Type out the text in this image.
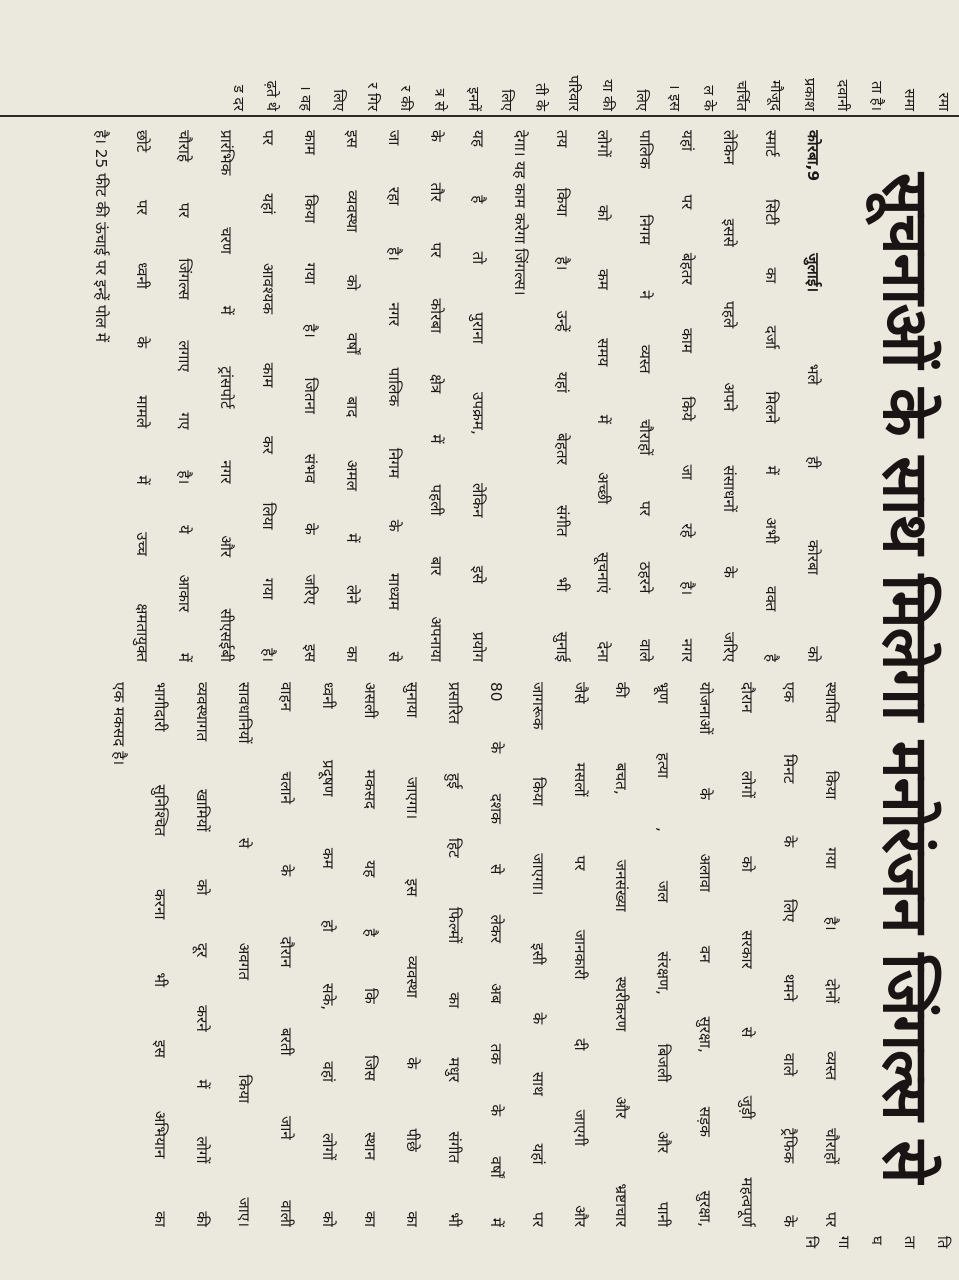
रमा
समा
ता है।
दवानी
प्रकाश
मौजूद
चर्चित
ल के
। इस
लिए
या की
परिवार
ती के
लिए
इनमें
त्र से
र की
र गिर
लिए
। वह
ढ़ते थे
ड दर
सूचनाओं के साथ मिलेगा मनोरंजन जिंगल्स से
कोरबा,9 जुलाई। भले ही कोरबा को
स्मार्ट सिटी का दर्जा मिलने में अभी वक्त है
लेकिन इससे पहले अपने संसाधनों के जरिए
यहां पर बेहतर काम किये जा रहे है। नगर
पालिक निगम ने व्यस्त चौराहों पर ठहरने वाले
लोगों को कम समय में अच्छी सूचनाएं देना
तय किया है। उन्हें यहां बेहतर संगीत भी सुनाई
देगा। यह काम करेगा जिंगल्स।
यह है तो पुराना उपक्रम, लेकिन इसे प्रयोग
के तौर पर कोरबा क्षेत्र में पहली बार अपनाया
जा रहा है। नगर पालिक निगम के माध्यम से
इस व्यवस्था को वर्षों बाद अमल में लेने का
काम किया गया है। जितना संभव के जरिए इस
पर यहां आवश्यक काम कर लिया गया है।
प्रारंभिक चरण में ट्रांसपोर्ट नगर और सीएसईबी
चौराहे पर जिंगल्स लगाए गए है। ये आकार में
छोटे पर ध्वनी के मामले में उच्च क्षमतायुक्त
है। 25 फीट की ऊंचाई पर इन्हें पोल में
स्थापित किया गया है। दोनों व्यस्त चौराहों पर
एक मिनट के लिए थमने वाले ट्रैफिक के
दौरान लोगों को सरकार से जुड़ी महत्वपूर्ण
योजनाओं के अलावा वन सुरक्षा, सड़क सुरक्षा,
भ्रूण हत्या , जल संरक्षण, बिजली और पानी
की बचत, जनसंख्या स्थरीकरण और भ्रष्टाचार
जैसे मसलों पर जानकारी दी जाएगी और
जागरूक किया जाएगा। इसी के साथ यहां पर
80 के दशक से लेकर अब तक के वर्षों में
प्रसारित हुई हिट फिल्मों का मधुर संगीत भी
सुनाया जाएगा। इस व्यवस्था के पीछे का
असली मकसद यह है कि जिस स्थान का
ध्वनी प्रदूषण कम हो सके, वहां लोगों को
वाहन चलाने के दौरान बरती जाने वाली
सावधानियों से अवगत किया जाए।
व्यवस्थागत खामियों को दूर करने में लोगों की
भागीदारी सुनिश्चित करना भी इस अभियान का
एक मकसद है।
ति
ता
घ
गा
नि
